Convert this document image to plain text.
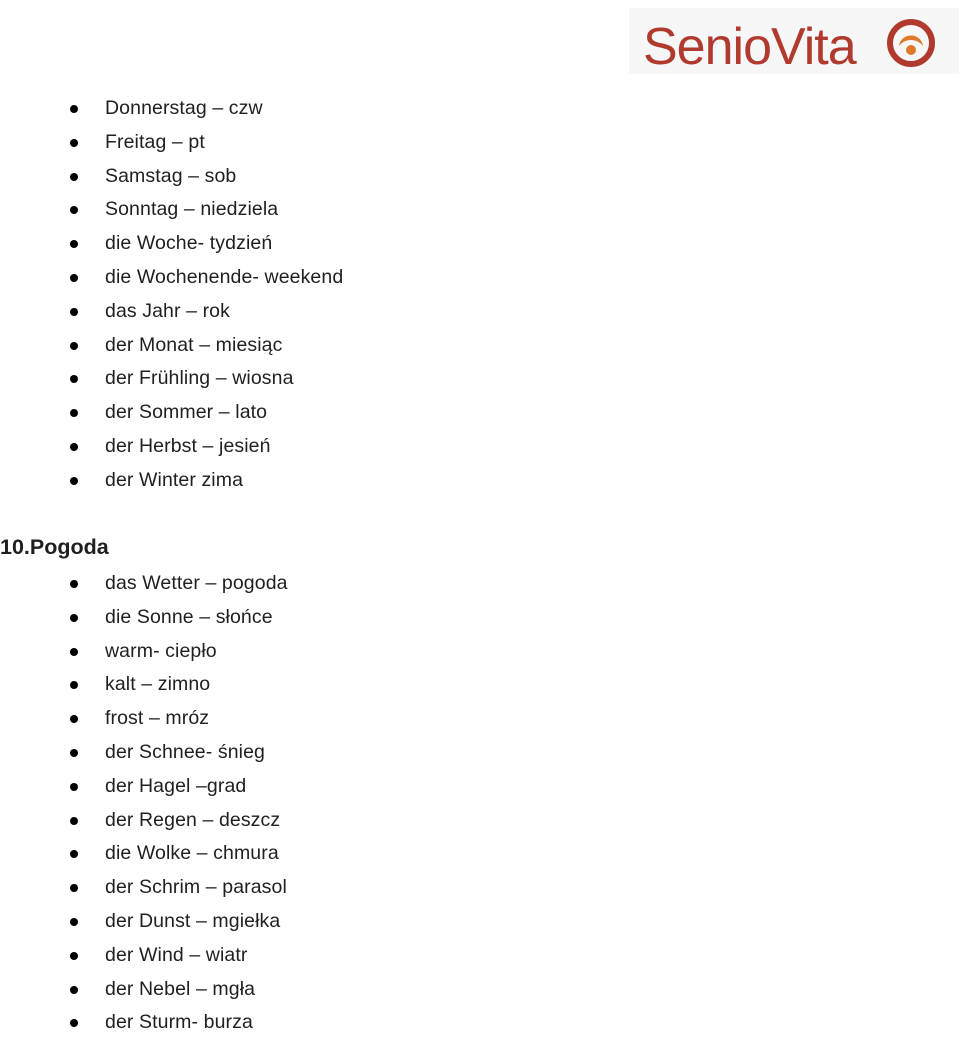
SenioVita
Donnerstag – czw
Freitag – pt
Samstag – sob
Sonntag – niedziela
die Woche- tydzień
die Wochenende- weekend
das Jahr – rok
der Monat – miesiąc
der Frühling – wiosna
der Sommer – lato
der Herbst – jesień
der Winter zima
10.Pogoda
das Wetter – pogoda
die Sonne – słońce
warm- ciepło
kalt – zimno
frost – mróz
der Schnee- śnieg
der Hagel –grad
der Regen – deszcz
die Wolke – chmura
der Schrim – parasol
der Dunst – mgiełka
der Wind – wiatr
der Nebel – mgła
der Sturm- burza
